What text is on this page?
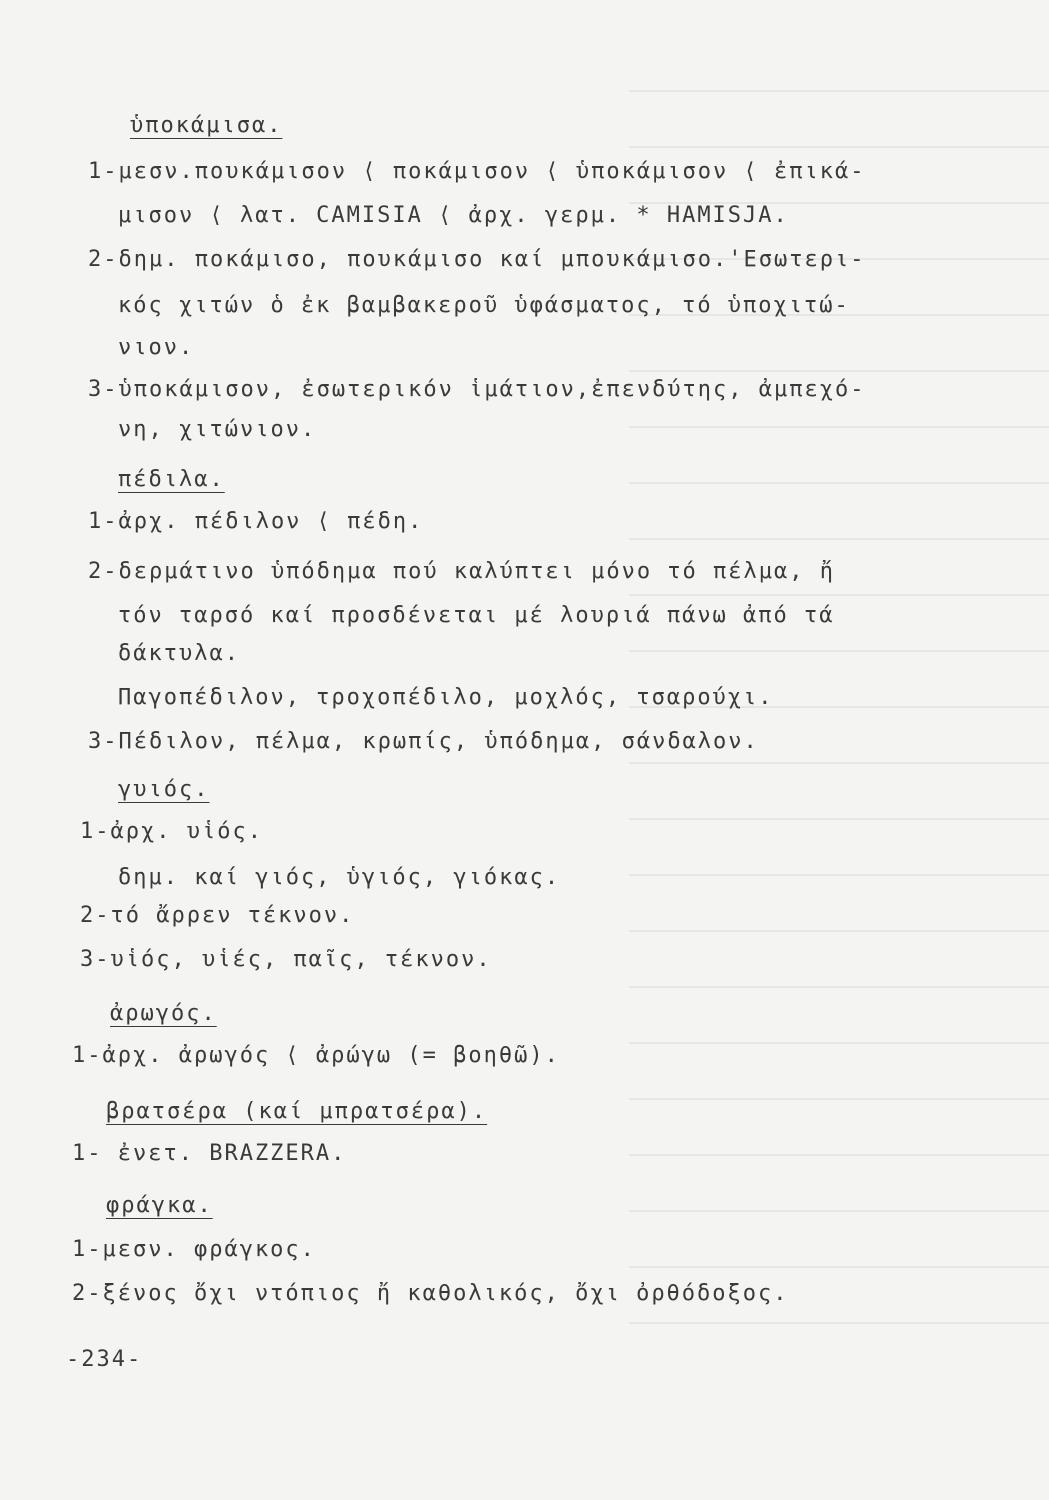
ὑποκάμισα.
1-μεσν.πουκάμισον ⟨ ποκάμισον ⟨ ὑποκάμισον ⟨ ἐπικά-
μισον ⟨ λατ. CAMISIA ⟨ ἀρχ. γερμ. * HAMISJA.
2-δημ. ποκάμισο, πουκάμισο καί μπουκάμισο.'Εσωτερι-
κός χιτών ὁ ἐκ βαμβακεροῦ ὑφάσματος, τό ὑποχιτώ-
νιον.
3-ὑποκάμισον, ἐσωτερικόν ἱμάτιον,ἐπενδύτης, ἀμπεχό-
νη, χιτώνιον.
πέδιλα.
1-ἀρχ. πέδιλον ⟨ πέδη.
2-δερμάτινο ὑπόδημα πού καλύπτει μόνο τό πέλμα, ἤ
τόν ταρσό καί προσδένεται μέ λουριά πάνω ἀπό τά
δάκτυλα.
Παγοπέδιλον, τροχοπέδιλο, μοχλός, τσαρούχι.
3-Πέδιλον, πέλμα, κρωπίς, ὑπόδημα, σάνδαλον.
γυιός.
1-ἀρχ. υἱός.
δημ. καί γιός, ὑγιός, γιόκας.
2-τό ἄρρεν τέκνον.
3-υἱός, υἱές, παῖς, τέκνον.
ἀρωγός.
1-ἀρχ. ἀρωγός ⟨ ἀρώγω (= βοηθῶ).
βρατσέρα (καί μπρατσέρα).
1- ἐνετ. BRAZZERA.
φράγκα.
1-μεσν. φράγκος.
2-ξένος ὄχι ντόπιος ἤ καθολικός, ὄχι ὀρθόδοξος.
-234-
